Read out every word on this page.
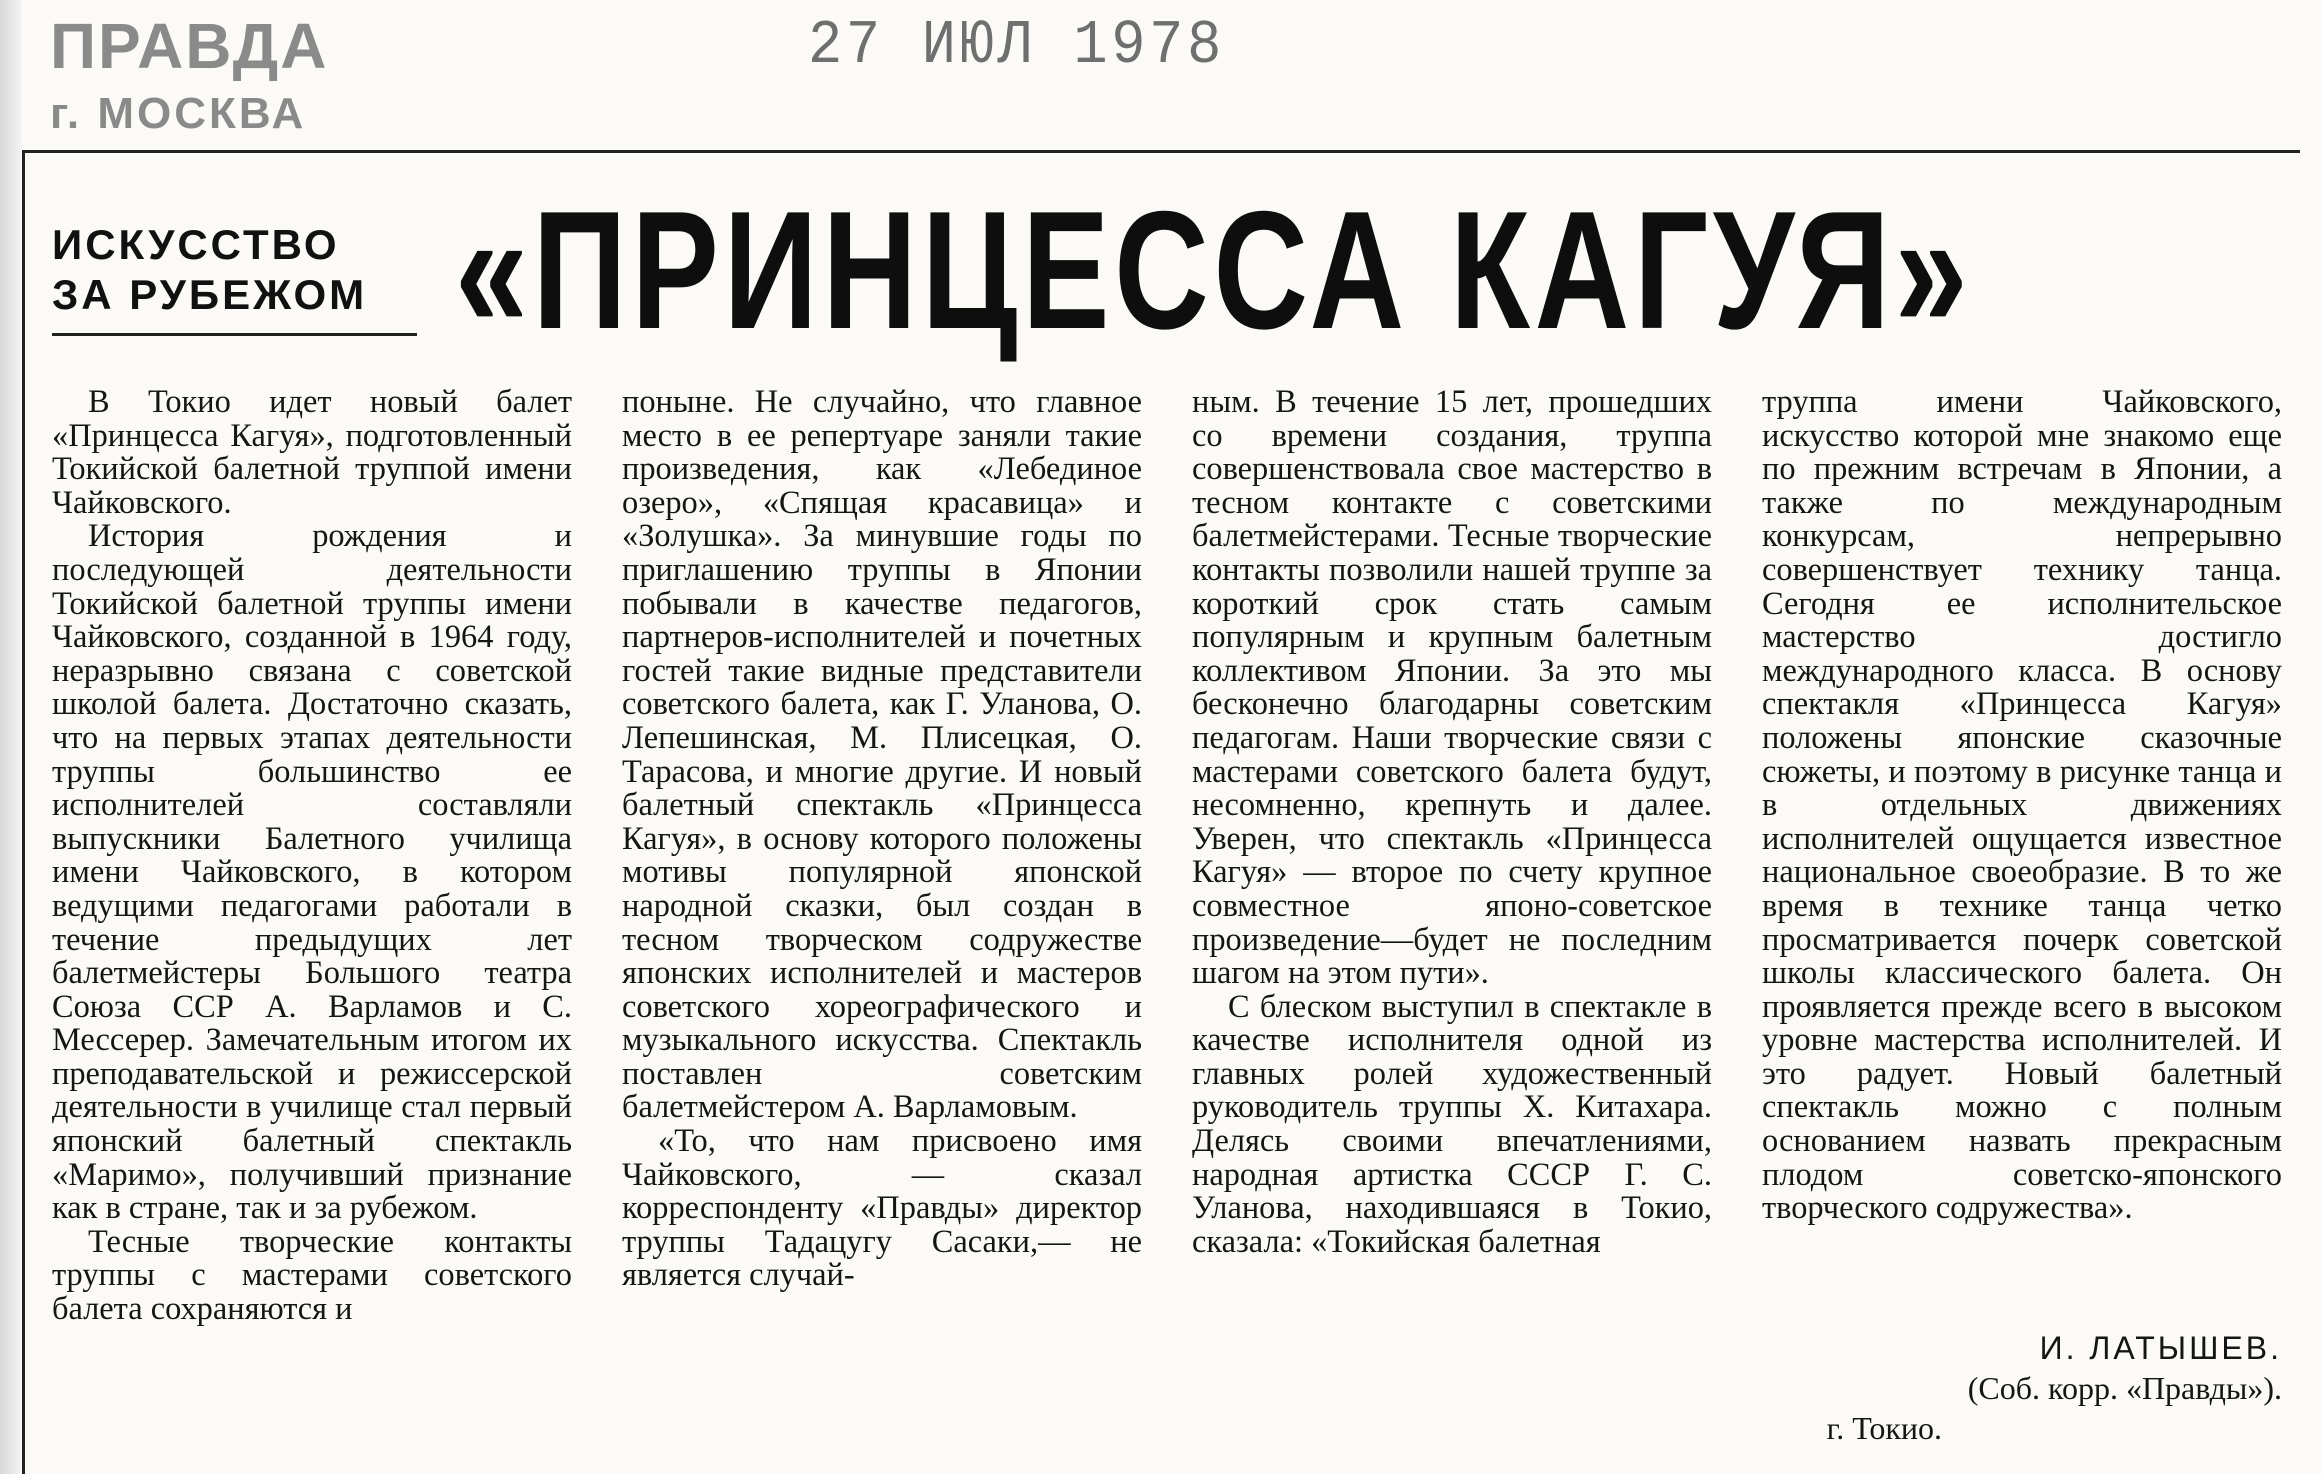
ПРАВДА
г. МОСКВА
27 ИЮЛ 1978
ИСКУССТВО
ЗА РУБЕЖОМ «ПРИНЦЕССА КАГУЯ»

В Токио идет новый балет «Принцесса Кагуя», подготовленный Токийской балетной труппой имени Чайковского.

История рождения и последующей деятельности Токийской балетной труппы имени Чайковского, созданной в 1964 году, неразрывно связана с советской школой балета. Достаточно сказать, что на первых этапах деятельности труппы большинство ее исполнителей составляли выпускники Балетного училища имени Чайковского, в котором ведущими педагогами работали в течение предыдущих лет балетмейстеры Большого театра Союза ССР А. Варламов и С. Мессерер. Замечательным итогом их преподавательской и режиссерской деятельности в училище стал первый японский балетный спектакль «Маримо», получивший признание как в стране, так и за рубежом.

Тесные творческие контакты труппы с мастерами советского балета сохраняются и

поныне. Не случайно, что главное место в ее репертуаре заняли такие произведения, как «Лебединое озеро», «Спящая красавица» и «Золушка». За минувшие годы по приглашению труппы в Японии побывали в качестве педагогов, партнеров-исполнителей и почетных гостей такие видные представители советского балета, как Г. Уланова, О. Лепешинская, М. Плисецкая, О. Тарасова, и многие другие. И новый балетный спектакль «Принцесса Кагуя», в основу которого положены мотивы популярной японской народной сказки, был создан в тесном творческом содружестве японских исполнителей и мастеров советского хореографического и музыкального искусства. Спектакль поставлен советским балетмейстером А. Варламовым.

«То, что нам присвоено имя Чайковского, — сказал корреспонденту «Правды» директор труппы Тадацугу Сасаки,— не является случай-

ным. В течение 15 лет, прошедших со времени создания, труппа совершенствовала свое мастерство в тесном контакте с советскими балетмейстерами. Тесные творческие контакты позволили нашей труппе за короткий срок стать самым популярным и крупным балетным коллективом Японии. За это мы бесконечно благодарны советским педагогам. Наши творческие связи с мастерами советского балета будут, несомненно, крепнуть и далее. Уверен, что спектакль «Принцесса Кагуя» — второе по счету крупное совместное японо-советское произведение—будет не последним шагом на этом пути».

С блеском выступил в спектакле в качестве исполнителя одной из главных ролей художественный руководитель труппы Х. Китахара. Делясь своими впечатлениями, народная артистка СССР Г. С. Уланова, находившаяся в Токио, сказала: «Токийская балетная

труппа имени Чайковского, искусство которой мне знакомо еще по прежним встречам в Японии, а также по международным конкурсам, непрерывно совершенствует технику танца. Сегодня ее исполнительское мастерство достигло международного класса. В основу спектакля «Принцесса Кагуя» положены японские сказочные сюжеты, и поэтому в рисунке танца и в отдельных движениях исполнителей ощущается известное национальное своеобразие. В то же время в технике танца четко просматривается почерк советской школы классического балета. Он проявляется прежде всего в высоком уровне мастерства исполнителей. И это радует. Новый балетный спектакль можно с полным основанием назвать прекрасным плодом советско-японского творческого содружества».

И. ЛАТЫШЕВ.
(Соб. корр. «Правды»).
г. Токио.
